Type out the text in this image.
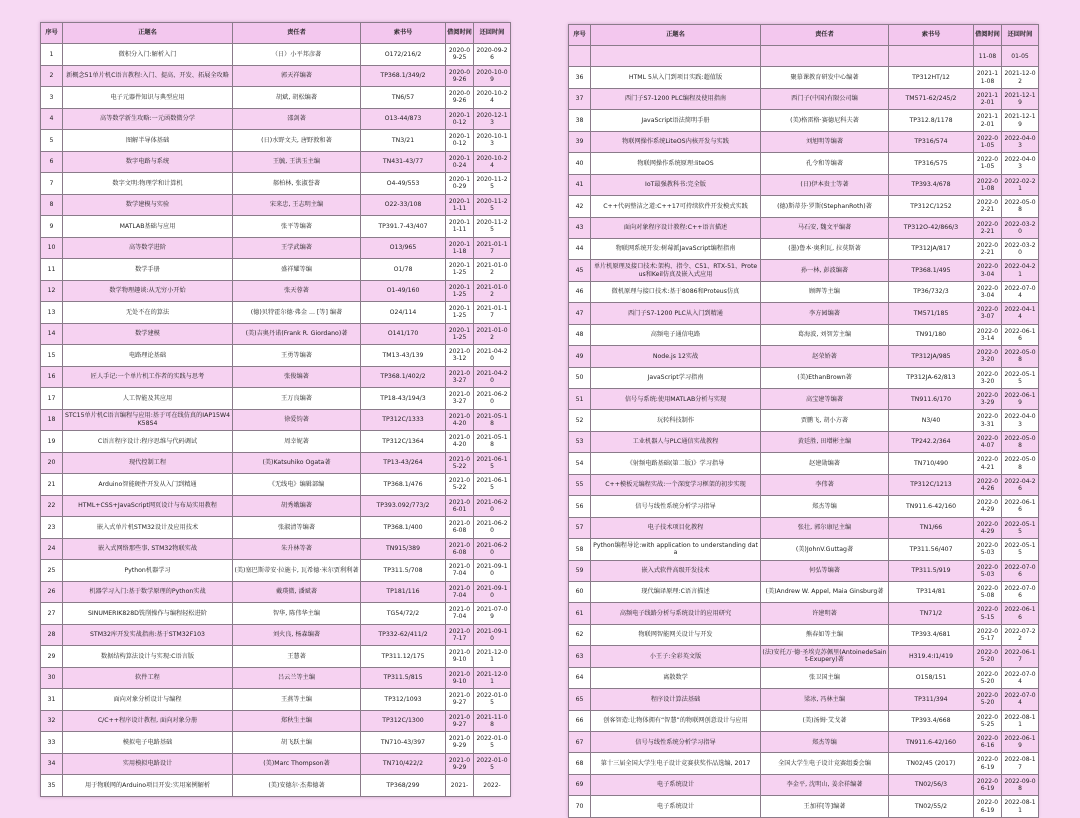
序号	正题名	责任者	索书号	借阅时间	还回时间
1	微积分入门:解析入门	（日）小平邦彦著	O172/216/2	2020-09-25	2020-09-26
2	新概念51单片机C语言教程:入门、提高、开发、拓展全攻略	郭天祥编著	TP368.1/349/2	2020-09-26	2020-10-09
3	电子元器件知识与典型应用	胡斌, 胡松编著	TN6/57	2020-09-26	2020-10-24
4	高等数学新生攻略:一元函数微分学	邵剑著	O13-44/873	2020-10-12	2020-12-13
5	图解半导体基础	(日)水野文夫, 唐野敦和著	TN3/21	2020-10-12	2020-10-13
6	数字电路与系统	王毓, 王洪玉主编	TN431-43/77	2020-10-24	2020-10-24
7	数字文明:物理学和计算机	郝柏林, 张淑誉著	O4-49/553	2020-10-29	2020-11-25
8	数学建模与实验	宋来忠, 王志明主编	O22-33/108	2020-11-11	2020-11-25
9	MATLAB基础与应用	张平等编著	TP391.7-43/407	2020-11-11	2020-11-25
10	高等数学进阶	王学武编著	O13/965	2020-11-18	2021-01-17
11	数学手册	盛祥耀等编	O1/78	2020-11-25	2021-01-02
12	数学物理趣谈:从无穷小开始	张天蓉著	O1-49/160	2020-11-25	2021-01-02
13	无处不在的算法	(德)贝特霍尔德·弗金 ... [等] 编著	O24/114	2020-11-25	2021-01-17
14	数学建模	(美)吉奥丹诺(Frank R. Giordano)著	O141/170	2020-11-25	2021-01-02
15	电路理论基础	王勇等编著	TM13-43/139	2021-03-12	2021-04-20
16	匠人手记:一个单片机工作者的实践与思考	张俊编著	TP368.1/402/2	2021-03-27	2021-04-20
17	人工智能及其应用	王万良编著	TP18-43/194/3	2021-03-27	2021-06-20
18	STC15单片机C语言编程与应用:基于可在线仿真的IAP15W4K58S4	徐爱钧著	TP312C/1333	2021-04-20	2021-05-18
19	C语言程序设计:程序思维与代码调试	周幸妮著	TP312C/1364	2021-04-20	2021-05-18
20	现代控制工程	(美)Katsuhiko Ogata著	TP13-43/264	2021-05-22	2021-06-15
21	Arduino智能硬件开发从入门到精通	《无线电》编辑部编	TP368.1/476	2021-05-22	2021-06-15
22	HTML+CSS+JavaScript网页设计与布局实用教程	胡秀娥编著	TP393.092/773/2	2021-06-01	2021-06-20
23	嵌入式单片机STM32设计及应用技术	张淑清等编著	TP368.1/400	2021-06-08	2021-06-20
24	嵌入式网络那些事, STM32物联实战	朱升林等著	TN915/389	2021-06-08	2021-06-20
25	Python机器学习	(美)塞巴斯蒂安·拉施卡, 瓦希德·米尔贾利利著	TP311.5/708	2021-07-04	2021-09-10
26	机器学习入门:基于数学原理的Python实战	戴璞微, 潘斌著	TP181/116	2021-07-04	2021-09-10
27	SINUMERIK828D铣削操作与编程轻松进阶	智华, 陈伟华主编	TG54/72/2	2021-07-04	2021-07-09
28	STM32库开发实战指南:基于STM32F103	刘火良, 杨森编著	TP332-62/411/2	2021-07-17	2021-09-10
29	数据结构算法设计与实现:C语言版	王慧著	TP311.12/175	2021-09-10	2021-12-01
30	软件工程	吕云兰等主编	TP311.5/815	2021-09-10	2021-12-01
31	面向对象分析设计与编程	王燕等主编	TP312/1093	2021-09-27	2022-01-05
32	C/C++程序设计教程, 面向对象分册	郑秋生主编	TP312C/1300	2021-09-27	2021-11-08
33	模拟电子电路基础	胡飞跃主编	TN710-43/397	2021-09-29	2022-01-05
34	实用模拟电路设计	(美)Marc Thompson著	TN710/422/2	2021-09-29	2022-01-05
35	用于物联网的Arduino项目开发:实用案例解析	(美)安德尔·杰弗德著	TP368/299	2021-	2022-
序号	正题名	责任者	索书号	借阅时间	还回时间
				11-08	01-05
36	HTML 5从入门到项目实践:超值版	聚慕课教育研发中心编著	TP312HT/12	2021-11-08	2021-12-02
37	西门子S7-1200 PLC编程及使用指南	西门子(中国)有限公司编	TM571-62/245/2	2021-12-01	2021-12-19
38	JavaScript语法简明手册	(美)格雷格·赛德尼科夫著	TP312.8/1178	2021-12-01	2021-12-19
39	物联网操作系统LiteOS内核开发与实践	刘旭明等编著	TP316/574	2022-01-05	2022-04-03
40	物联网操作系统原理:liteOS	孔令和等编著	TP316/575	2022-01-05	2022-04-03
41	IoT最强教科书:完全版	(日)伊本贵士等著	TP393.4/678	2022-01-08	2022-02-21
42	C++代码整洁之道:C++17可持续软件开发模式实践	(德)斯蒂芬·罗斯(StephanRoth)著	TP312C/1252	2022-02-21	2022-05-08
43	面向对象程序设计教程:C++语言描述	马石安, 魏文平编著	TP312O-42/866/3	2022-02-21	2022-03-20
44	物联网系统开发:树莓派JavaScript编程指南	(墨)鲁本·奥利瓦, 拉莫斯著	TP312JA/817	2022-02-21	2022-03-20
45	单片机原理及接口技术:架构、指令、C51、RTX-51、Proteus和Keil仿真及嵌入式应用	孙一林, 彭波编著	TP368.1/495	2022-03-04	2022-04-21
46	微机原理与接口技术:基于8086和Proteus仿真	顾晖等主编	TP36/732/3	2022-03-04	2022-07-04
47	西门子S7-1200 PLC从入门到精通	李方园编著	TM571/185	2022-03-07	2022-04-14
48	高频电子通信电路	葛海波, 刘智芳主编	TN91/180	2022-03-14	2022-06-16
49	Node.js 12实战	赵荣娇著	TP312JA/985	2022-03-20	2022-05-08
50	JavaScript学习指南	(美)EthanBrown著	TP312JA-62/813	2022-03-20	2022-05-15
51	信号与系统:使用MATLAB分析与实现	高宝建等编著	TN911.6/170	2022-03-29	2022-06-19
52	玩转科技制作	贾鹏飞, 胡小方著	N3/40	2022-03-31	2022-04-03
53	工业机器人与PLC通信实战教程	黄廷胜, 田增彬主编	TP242.2/364	2022-04-07	2022-05-08
54	《射频电路基础(第二版)》学习指导	赵建勋编著	TN710/490	2022-04-21	2022-05-08
55	C++模板元编程实战:一个深度学习框架的初步实现	李伟著	TP312C/1213	2022-04-26	2022-04-26
56	信号与线性系统分析学习指导	郑杰等编	TN911.6-42/160	2022-04-29	2022-06-16
57	电子技术项目化教程	张壮, 郭尔康尼主编	TN1/66	2022-04-29	2022-05-15
58	Python编程导论:with application to understanding data	(美)JohnV.Guttag著	TP311.56/407	2022-05-03	2022-05-15
59	嵌入式软件高级开发技术	何弘等编著	TP311.5/919	2022-05-03	2022-07-06
60	现代编译原理:C语言描述	(美)Andrew W. Appel, Maia Ginsburg著	TP314/81	2022-05-08	2022-07-06
61	高频电子线路分析与系统设计的应用研究	许建明著	TN71/2	2022-05-15	2022-06-16
62	物联网智能网关设计与开发	熊春如等主编	TP393.4/681	2022-05-17	2022-07-22
63	小王子:全彩英文版	(法)安托万·德·圣埃克苏佩里(AntoinedeSaint-Exupery)著	H319.4:I1/419	2022-05-20	2022-06-17
64	离散数学	张卫国主编	O158/151	2022-05-20	2022-07-04
65	程序设计算法基础	梁冰, 冯林主编	TP311/394	2022-05-20	2022-07-04
66	创客智造:让物体拥有“智慧”的物联网创意设计与应用	(美)汤姆·艾戈著	TP393.4/668	2022-05-25	2022-08-11
67	信号与线性系统分析学习指导	郑杰等编	TN911.6-42/160	2022-06-16	2022-06-19
68	第十三届全国大学生电子设计竞赛获奖作品选编, 2017	全国大学生电子设计竞赛组委会编	TN02/45 (2017)	2022-06-19	2022-08-17
69	电子系统设计	李金平, 沈明山, 姜余祥编著	TN02/56/3	2022-06-19	2022-09-08
70	电子系统设计	王加祥[等]编著	TN02/55/2	2022-06-19	2022-08-11
